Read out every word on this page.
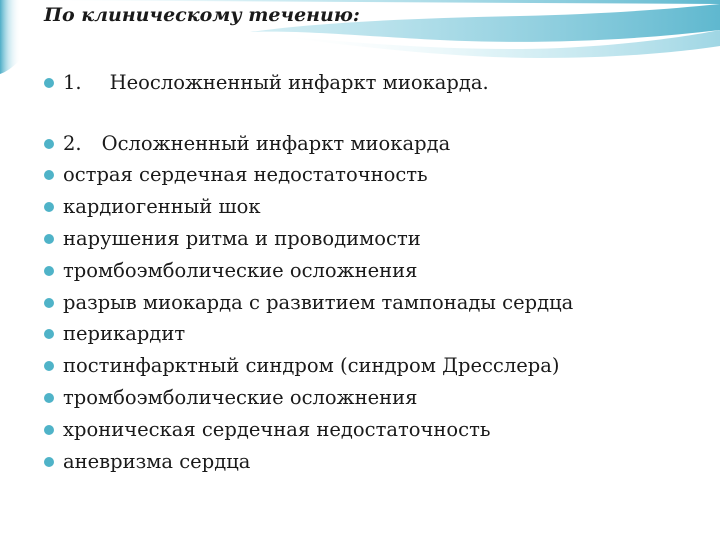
По клиническому течению:
1. Неосложненный инфаркт миокарда.
2. Осложненный инфаркт миокарда
острая сердечная недостаточность
кардиогенный шок
нарушения ритма и проводимости
тромбоэмболические осложнения
разрыв миокарда с развитием тампонады сердца
перикардит
постинфарктный синдром (синдром Дресслера)
тромбоэмболические осложнения
хроническая сердечная недостаточность
аневризма сердца
